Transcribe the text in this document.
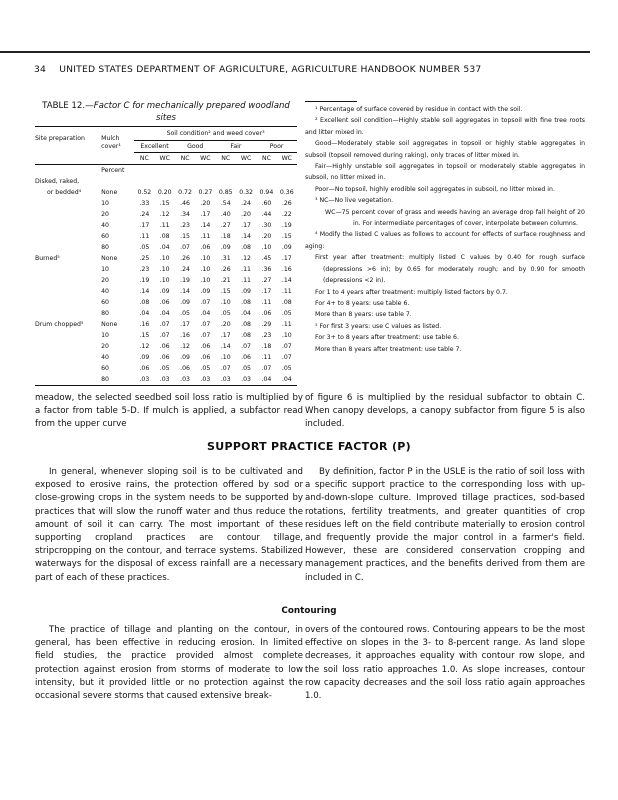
34 UNITED STATES DEPARTMENT OF AGRICULTURE, AGRICULTURE HANDBOOK NUMBER 537
TABLE 12.—Factor C for mechanically prepared woodland sites
Site preparation	Mulch cover¹	Soil condition² and weed cover³							
		Excellent		Good		Fair		Poor	
		NC	WC	NC	WC	NC	WC	NC	WC
	Percent								
Disked, raked,									
or bedded⁴	None	0.52	0.20	0.72	0.27	0.85	0.32	0.94	0.36
	10	.33	.15	.46	.20	.54	.24	.60	.26
	20	.24	.12	.34	.17	.40	.20	.44	.22
	40	.17	.11	.23	.14	.27	.17	.30	.19
	60	.11	.08	.15	.11	.18	.14	.20	.15
	80	.05	.04	.07	.06	.09	.08	.10	.09
Burned⁵	None	.25	.10	.26	.10	.31	.12	.45	.17
	10	.23	.10	.24	.10	.26	.11	.36	.16
	20	.19	.10	.19	.10	.21	.11	.27	.14
	40	.14	.09	.14	.09	.15	.09	.17	.11
	60	.08	.06	.09	.07	.10	.08	.11	.08
	80	.04	.04	.05	.04	.05	.04	.06	.05
Drum chopped⁵	None	.16	.07	.17	.07	.20	.08	.29	.11
	10	.15	.07	.16	.07	.17	.08	.23	.10
	20	.12	.06	.12	.06	.14	.07	.18	.07
	40	.09	.06	.09	.06	.10	.06	.11	.07
	60	.06	.05	.06	.05	.07	.05	.07	.05
	80	.03	.03	.03	.03	.03	.03	.04	.04

¹ Percentage of surface covered by residue in contact with the soil.

² Excellent soil condition—Highly stable soil aggregates in topsoil with fine tree roots and litter mixed in.

Good—Moderately stable soil aggregates in topsoil or highly stable aggregates in subsoil (topsoil removed during raking), only traces of litter mixed in.

Fair—Highly unstable soil aggregates in topsoil or moderately stable aggregates in subsoil, no litter mixed in.

Poor—No topsoil, highly erodible soil aggregates in subsoil, no litter mixed in.

³ NC—No live vegetation.

WC—75 percent cover of grass and weeds having an average drop fall height of 20 in. For intermediate percentages of cover, interpolate between columns.

⁴ Modify the listed C values as follows to account for effects of surface roughness and aging:

First year after treatment: multiply listed C values by 0.40 for rough surface (depressions >6 in); by 0.65 for moderately rough; and by 0.90 for smooth (depressions <2 in).

For 1 to 4 years after treatment: multiply listed factors by 0.7.

For 4+ to 8 years: use table 6.

More than 8 years: use table 7.

⁵ For first 3 years: use C values as listed.

For 3+ to 8 years after treatment: use table 6.

More than 8 years after treatment: use table 7.

meadow, the selected seedbed soil loss ratio is multiplied by a factor from table 5-D. If mulch is applied, a subfactor read from the upper curve

of figure 6 is multiplied by the residual subfactor to obtain C. When canopy develops, a canopy subfactor from figure 5 is also included.

SUPPORT PRACTICE FACTOR (P)

In general, whenever sloping soil is to be cultivated and exposed to erosive rains, the protection offered by sod or close-growing crops in the system needs to be supported by practices that will slow the runoff water and thus reduce the amount of soil it can carry. The most important of these supporting cropland practices are contour tillage, stripcropping on the contour, and terrace systems. Stabilized waterways for the disposal of excess rainfall are a necessary part of each of these practices.

By definition, factor P in the USLE is the ratio of soil loss with a specific support practice to the corresponding loss with up-and-down-slope culture. Improved tillage practices, sod-based rotations, fertility treatments, and greater quantities of crop residues left on the field contribute materially to erosion control and frequently provide the major control in a farmer's field. However, these are considered conservation cropping and management practices, and the benefits derived from them are included in C.

Contouring

The practice of tillage and planting on the contour, in general, has been effective in reducing erosion. In limited field studies, the practice provided almost complete protection against erosion from storms of moderate to low intensity, but it provided little or no protection against the occasional severe storms that caused extensive break-

overs of the contoured rows. Contouring appears to be the most effective on slopes in the 3- to 8-percent range. As land slope decreases, it approaches equality with contour row slope, and the soil loss ratio approaches 1.0. As slope increases, contour row capacity decreases and the soil loss ratio again approaches 1.0.
